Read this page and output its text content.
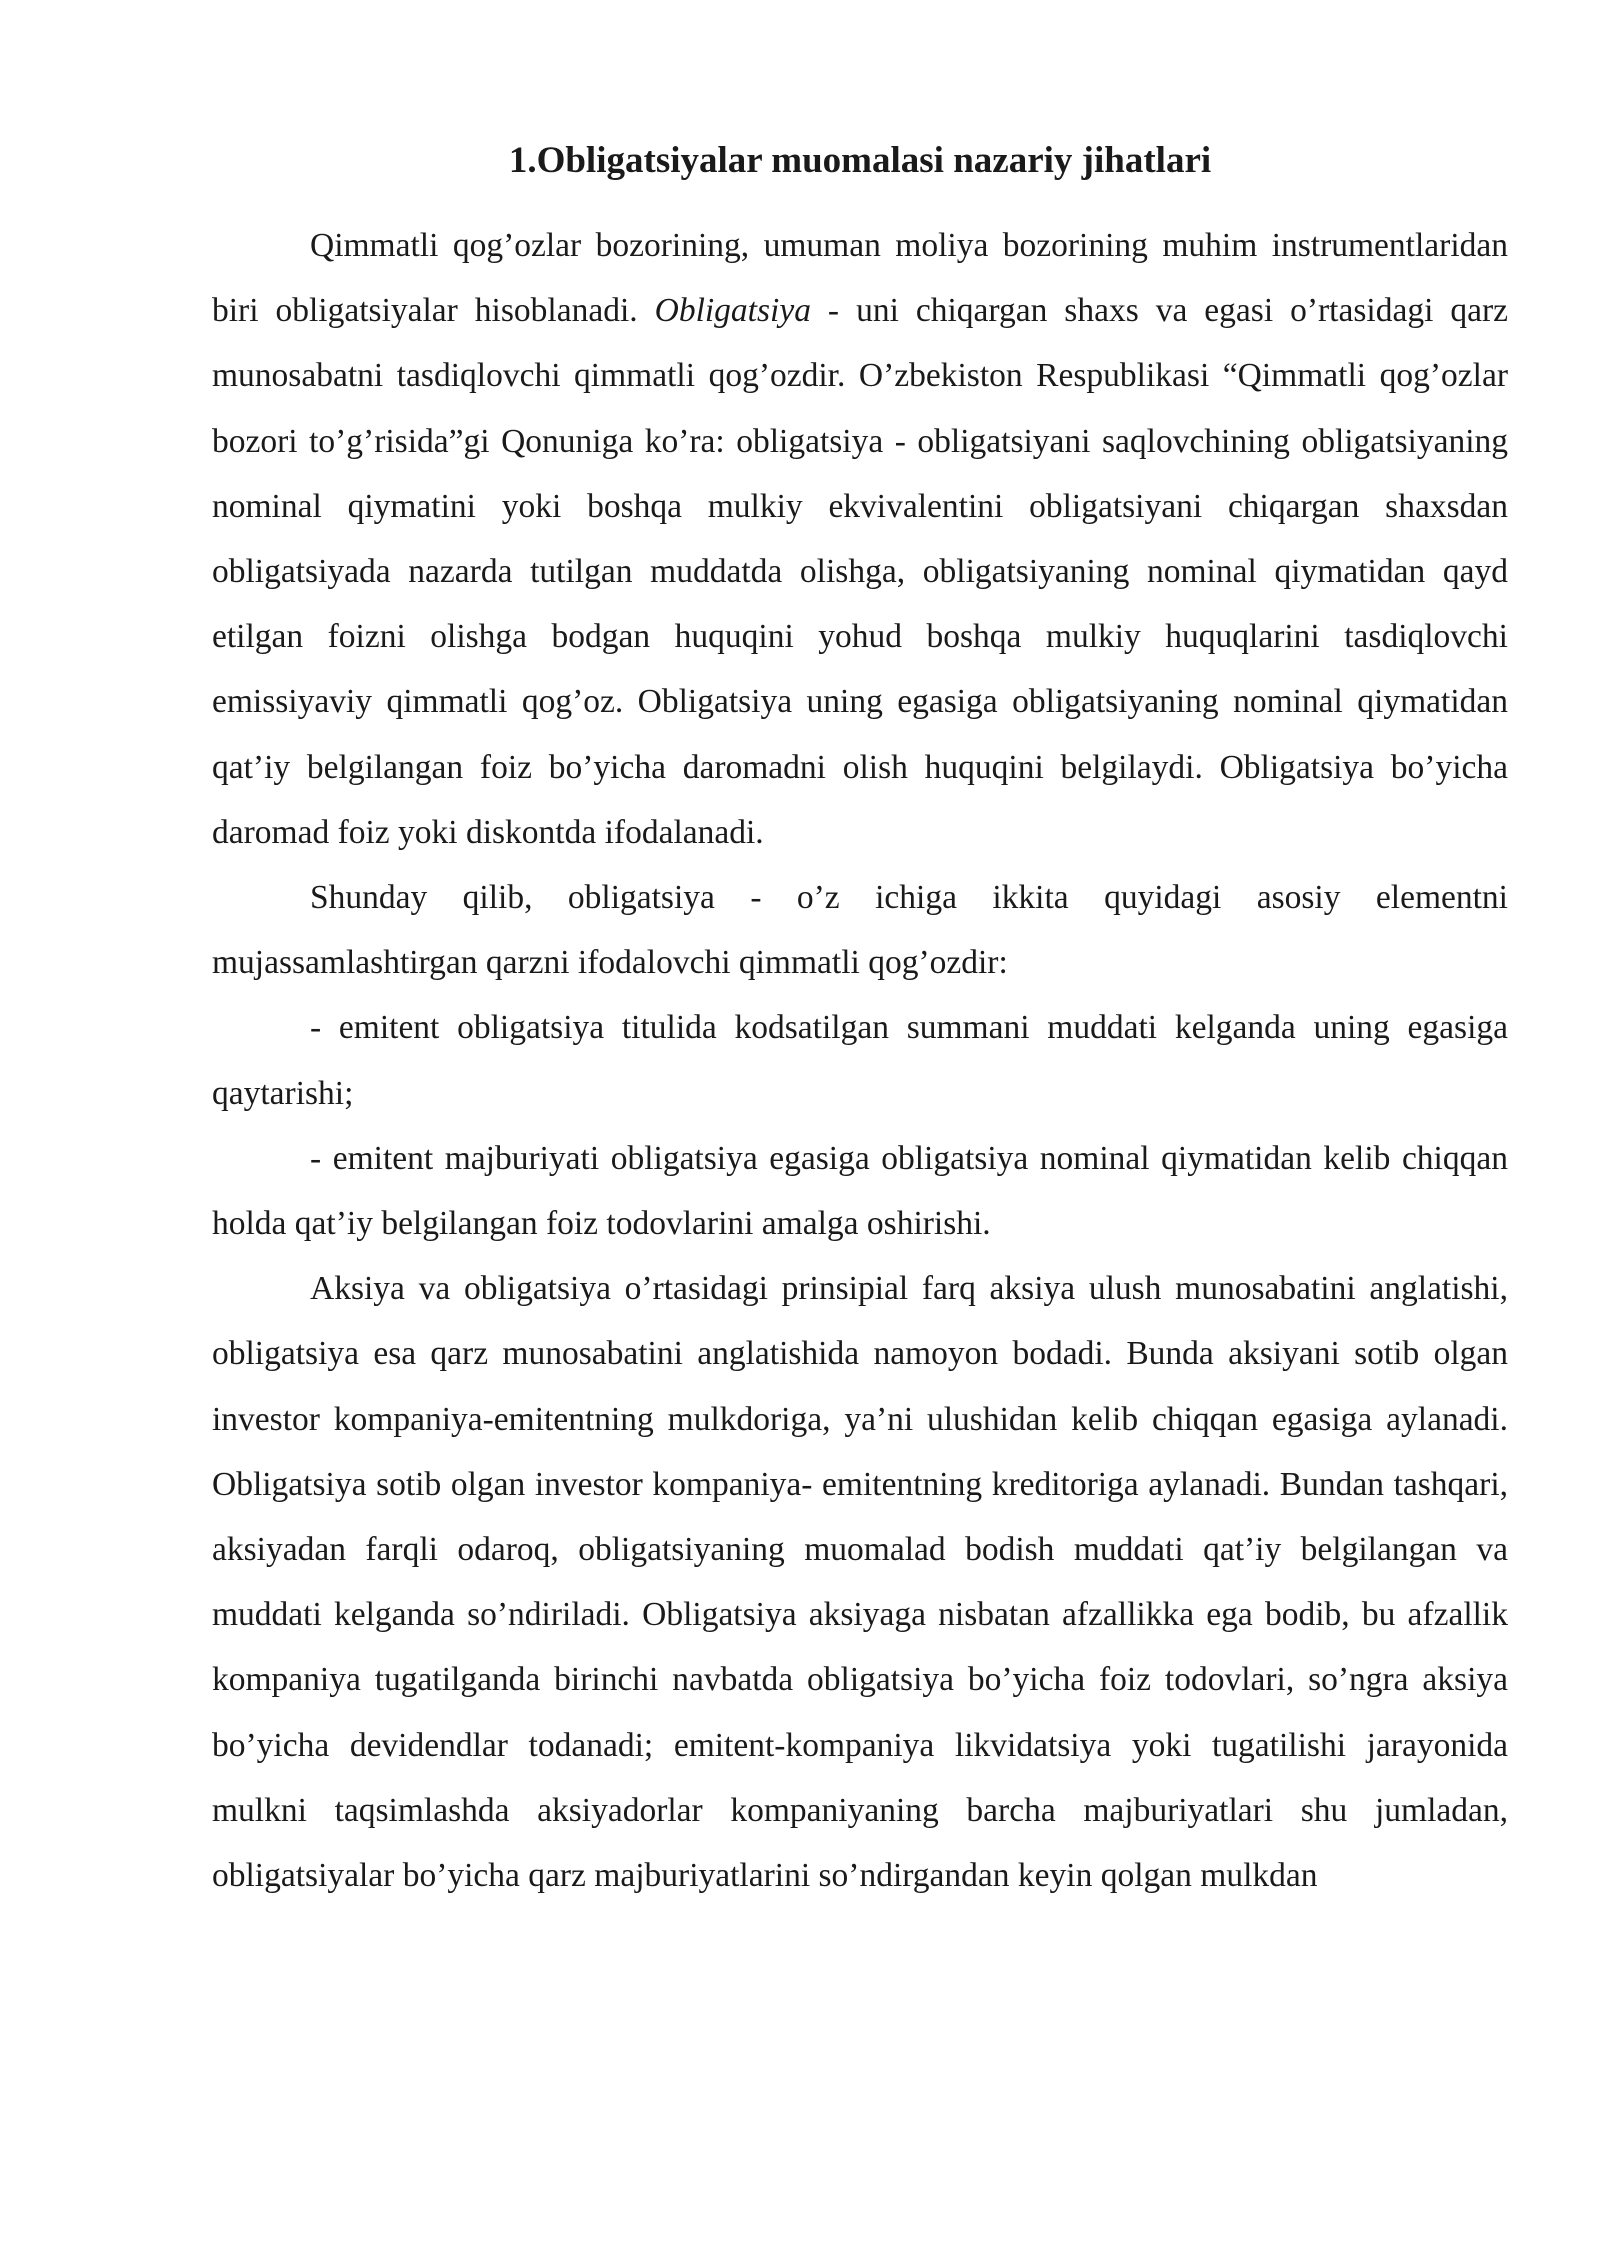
1.Obligatsiyalar muomalasi nazariy jihatlari

Qimmatli qog’ozlar bozorining, umuman moliya bozorining muhim instrumentlaridan biri obligatsiyalar hisoblanadi. Obligatsiya - uni chiqargan shaxs va egasi o’rtasidagi qarz munosabatni tasdiqlovchi qimmatli qog’ozdir. O’zbekiston Respublikasi “Qimmatli qog’ozlar bozori to’g’risida”gi Qonuniga ko’ra: obligatsiya - obligatsiyani saqlovchining obligatsiyaning nominal qiymatini yoki boshqa mulkiy ekvivalentini obligatsiyani chiqargan shaxsdan obligatsiyada nazarda tutilgan muddatda olishga, obligatsiyaning nominal qiymatidan qayd etilgan foizni olishga bodgan huquqini yohud boshqa mulkiy huquqlarini tasdiqlovchi emissiyaviy qimmatli qog’oz. Obligatsiya uning egasiga obligatsiyaning nominal qiymatidan qat’iy belgilangan foiz bo’yicha daromadni olish huquqini belgilaydi. Obligatsiya bo’yicha daromad foiz yoki diskontda ifodalanadi.

Shunday qilib, obligatsiya - o’z ichiga ikkita quyidagi asosiy elementni mujassamlashtirgan qarzni ifodalovchi qimmatli qog’ozdir:

- emitent obligatsiya titulida kodsatilgan summani muddati kelganda uning egasiga qaytarishi;

- emitent majburiyati obligatsiya egasiga obligatsiya nominal qiymatidan kelib chiqqan holda qat’iy belgilangan foiz todovlarini amalga oshirishi.

Aksiya va obligatsiya o’rtasidagi prinsipial farq aksiya ulush munosabatini anglatishi, obligatsiya esa qarz munosabatini anglatishida namoyon bodadi. Bunda aksiyani sotib olgan investor kompaniya-emitentning mulkdoriga, ya’ni ulushidan kelib chiqqan egasiga aylanadi. Obligatsiya sotib olgan investor kompaniya- emitentning kreditoriga aylanadi. Bundan tashqari, aksiyadan farqli odaroq, obligatsiyaning muomalad bodish muddati qat’iy belgilangan va muddati kelganda so’ndiriladi. Obligatsiya aksiyaga nisbatan afzallikka ega bodib, bu afzallik kompaniya tugatilganda birinchi navbatda obligatsiya bo’yicha foiz todovlari, so’ngra aksiya bo’yicha devidendlar todanadi; emitent-kompaniya likvidatsiya yoki tugatilishi jarayonida mulkni taqsimlashda aksiyadorlar kompaniyaning barcha majburiyatlari shu jumladan, obligatsiyalar bo’yicha qarz majburiyatlarini so’ndirgandan keyin qolgan mulkdan
